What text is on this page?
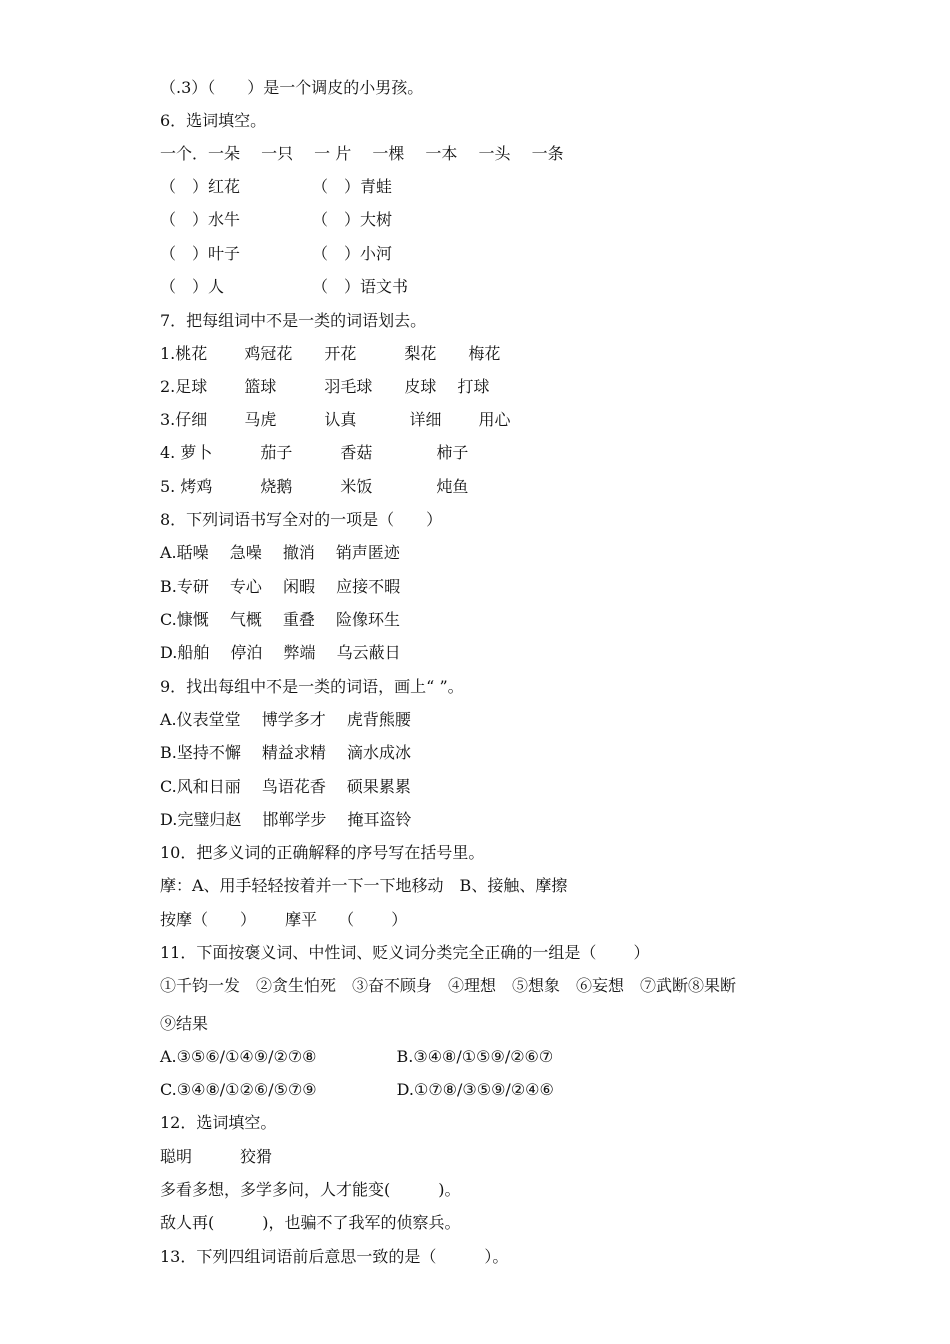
（.3）（　　）是一个调皮的小男孩。
6．选词填空。
一个．一朵　 一只　 一 片　 一棵　 一本　 一头　 一条
（　）红花　　　　　（　）青蛙
（　）水牛　　　　　（　）大树
（　）叶子　　　　　（　）小河
（　）人　　　　　　（　）语文书
7．把每组词中不是一类的词语划去。
1.桃花　　 鸡冠花　　开花　　　梨花　　梅花
2.足球　　 篮球　　　羽毛球　　皮球　 打球
3.仔细　　 马虎　　　认真　　　 详细　　 用心
4. 萝卜　　　茄子　　　香菇　　　　柿子
5. 烤鸡　　　烧鹅　　　米饭　　　　炖鱼
8．下列词语书写全对的一项是（　　）
A.聒噪　 急噪　 撤消　 销声匿迹
B.专研　 专心　 闲暇　 应接不暇
C.慷慨　 气概　 重叠　 险像环生
D.船舶　 停泊　 弊端　 乌云蔽日
9．找出每组中不是一类的词语，画上“ ”。
A.仪表堂堂　 博学多才　 虎背熊腰
B.坚持不懈　 精益求精　 滴水成冰
C.风和日丽　 鸟语花香　 硕果累累
D.完璧归赵　 邯郸学步　 掩耳盗铃
10．把多义词的正确解释的序号写在括号里。
摩：A、用手轻轻按着并一下一下地移动　B、接触、摩擦
按摩（　　）　　 摩平　 （　　 ）
11．下面按褒义词、中性词、贬义词分类完全正确的一组是（　　 ）
①千钧一发　②贪生怕死　③奋不顾身　④理想　⑤想象　⑥妄想　⑦武断⑧果断
⑨结果
A.③⑤⑥/①④⑨/②⑦⑧　　　　　B.③④⑧/①⑤⑨/②⑥⑦
C.③④⑧/①②⑥/⑤⑦⑨　　　　　D.①⑦⑧/③⑤⑨/②④⑥
12．选词填空。
聪明　　　狡猾
多看多想，多学多问，人才能变(　　　)。
敌人再(　　　)，也骗不了我军的侦察兵。
13．下列四组词语前后意思一致的是（　　　）。
